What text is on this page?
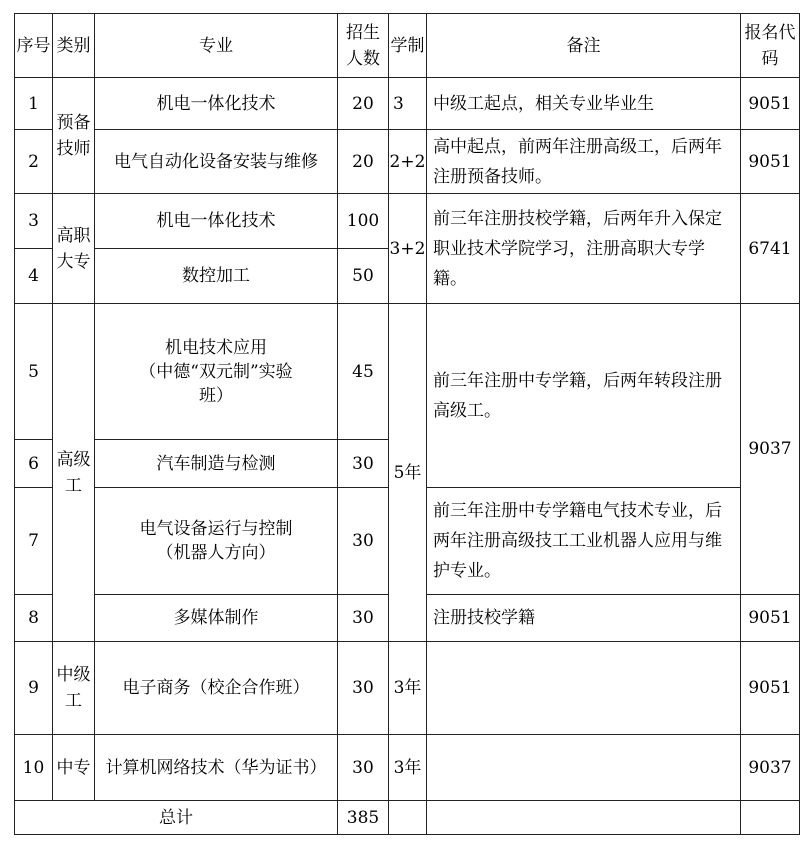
序号	类别	专业	招生人数	学制	备注	报名代码
1	预备技师	机电一体化技术	20	3	中级工起点，相关专业毕业生	9051
2		电气自动化设备安装与维修	20	2+2	高中起点，前两年注册高级工，后两年注册预备技师。	9051
3	高职大专	机电一体化技术	100	3+2	前三年注册技校学籍，后两年升入保定职业技术学院学习，注册高职大专学籍。	6741
4		数控加工	50			
5	高级工	机电技术应用
（中德“双元制”实验
班）	45	5年	前三年注册中专学籍，后两年转段注册高级工。	9037
6		汽车制造与检测	30			
7		电气设备运行与控制
（机器人方向）	30		前三年注册中专学籍电气技术专业，后两年注册高级技工工业机器人应用与维护专业。	
8		多媒体制作	30		注册技校学籍	9051
9	中级工	电子商务（校企合作班）	30	3年		9051
10	中专	计算机网络技术（华为证书）	30	3年		9037
总计			385			
